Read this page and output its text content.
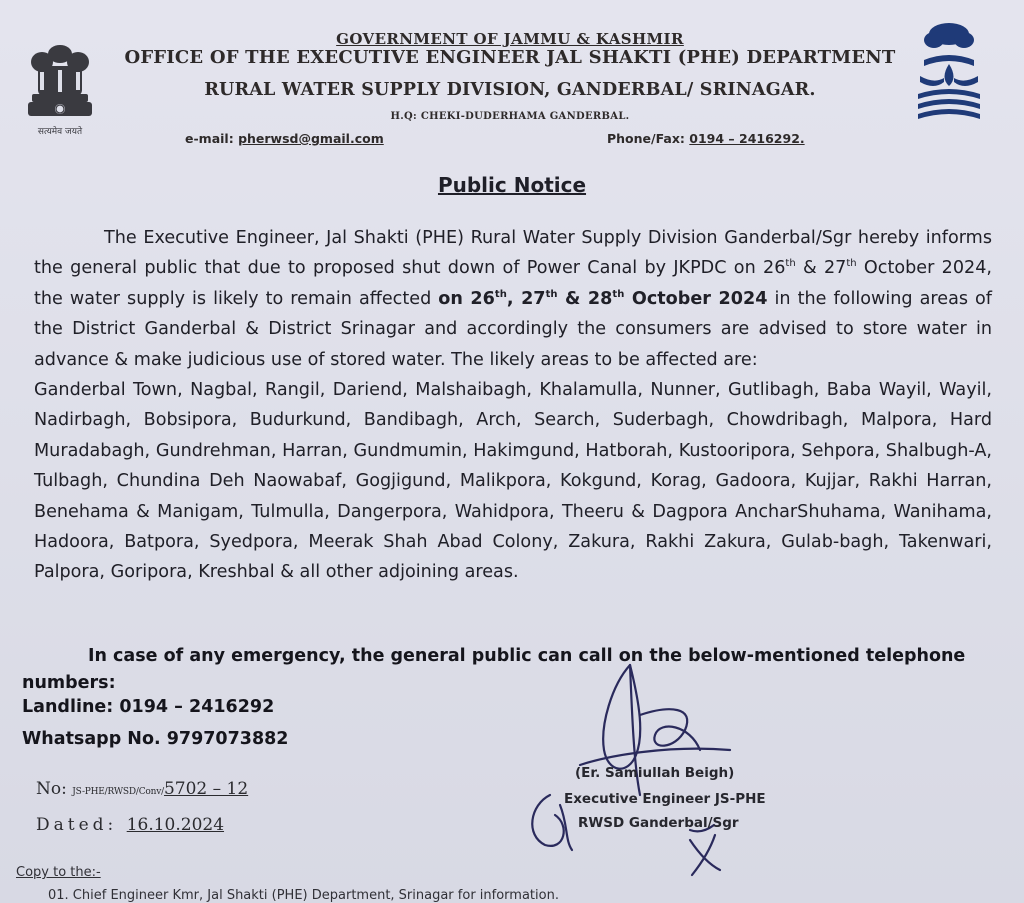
सत्यमेव जयते
GOVERNMENT OF JAMMU & KASHMIR
OFFICE OF THE EXECUTIVE ENGINEER JAL SHAKTI (PHE) DEPARTMENT
RURAL WATER SUPPLY DIVISION, GANDERBAL/ SRINAGAR.
H.Q: CHEKI-DUDERHAMA GANDERBAL.
e-mail: pherwsd@gmail.com	Phone/Fax: 0194 – 2416292.
Public Notice

The Executive Engineer, Jal Shakti (PHE) Rural Water Supply Division Ganderbal/Sgr hereby informs the general public that due to proposed shut down of Power Canal by JKPDC on 26th & 27th October 2024, the water supply is likely to remain affected on 26th, 27th & 28th October 2024 in the following areas of the District Ganderbal & District Srinagar and accordingly the consumers are advised to store water in advance & make judicious use of stored water. The likely areas to be affected are:

Ganderbal Town, Nagbal, Rangil, Dariend, Malshaibagh, Khalamulla, Nunner, Gutlibagh, Baba Wayil, Wayil, Nadirbagh, Bobsipora, Budurkund, Bandibagh, Arch, Search, Suderbagh, Chowdribagh, Malpora, Hard Muradabagh, Gundrehman, Harran, Gundmumin, Hakimgund, Hatborah, Kustooripora, Sehpora, Shalbugh-A, Tulbagh, Chundina Deh Naowabaf, Gogjigund, Malikpora, Kokgund, Korag, Gadoora, Kujjar, Rakhi Harran, Benehama & Manigam, Tulmulla, Dangerpora, Wahidpora, Theeru & Dagpora AncharShuhama, Wanihama, Hadoora, Batpora, Syedpora, Meerak Shah Abad Colony, Zakura, Rakhi Zakura, Gulab-bagh, Takenwari, Palpora, Goripora, Kreshbal & all other adjoining areas.

In case of any emergency, the general public can call on the below-mentioned telephone numbers:
Landline: 0194 – 2416292
Whatsapp No. 9797073882
No: JS-PHE/RWSD/Conv/5702 – 12
Dated: 16.10.2024
(Er. Samiullah Beigh)
Executive Engineer JS-PHE
RWSD Ganderbal/Sgr
Copy to the:-
01. Chief Engineer Kmr, Jal Shakti (PHE) Department, Srinagar for information.
